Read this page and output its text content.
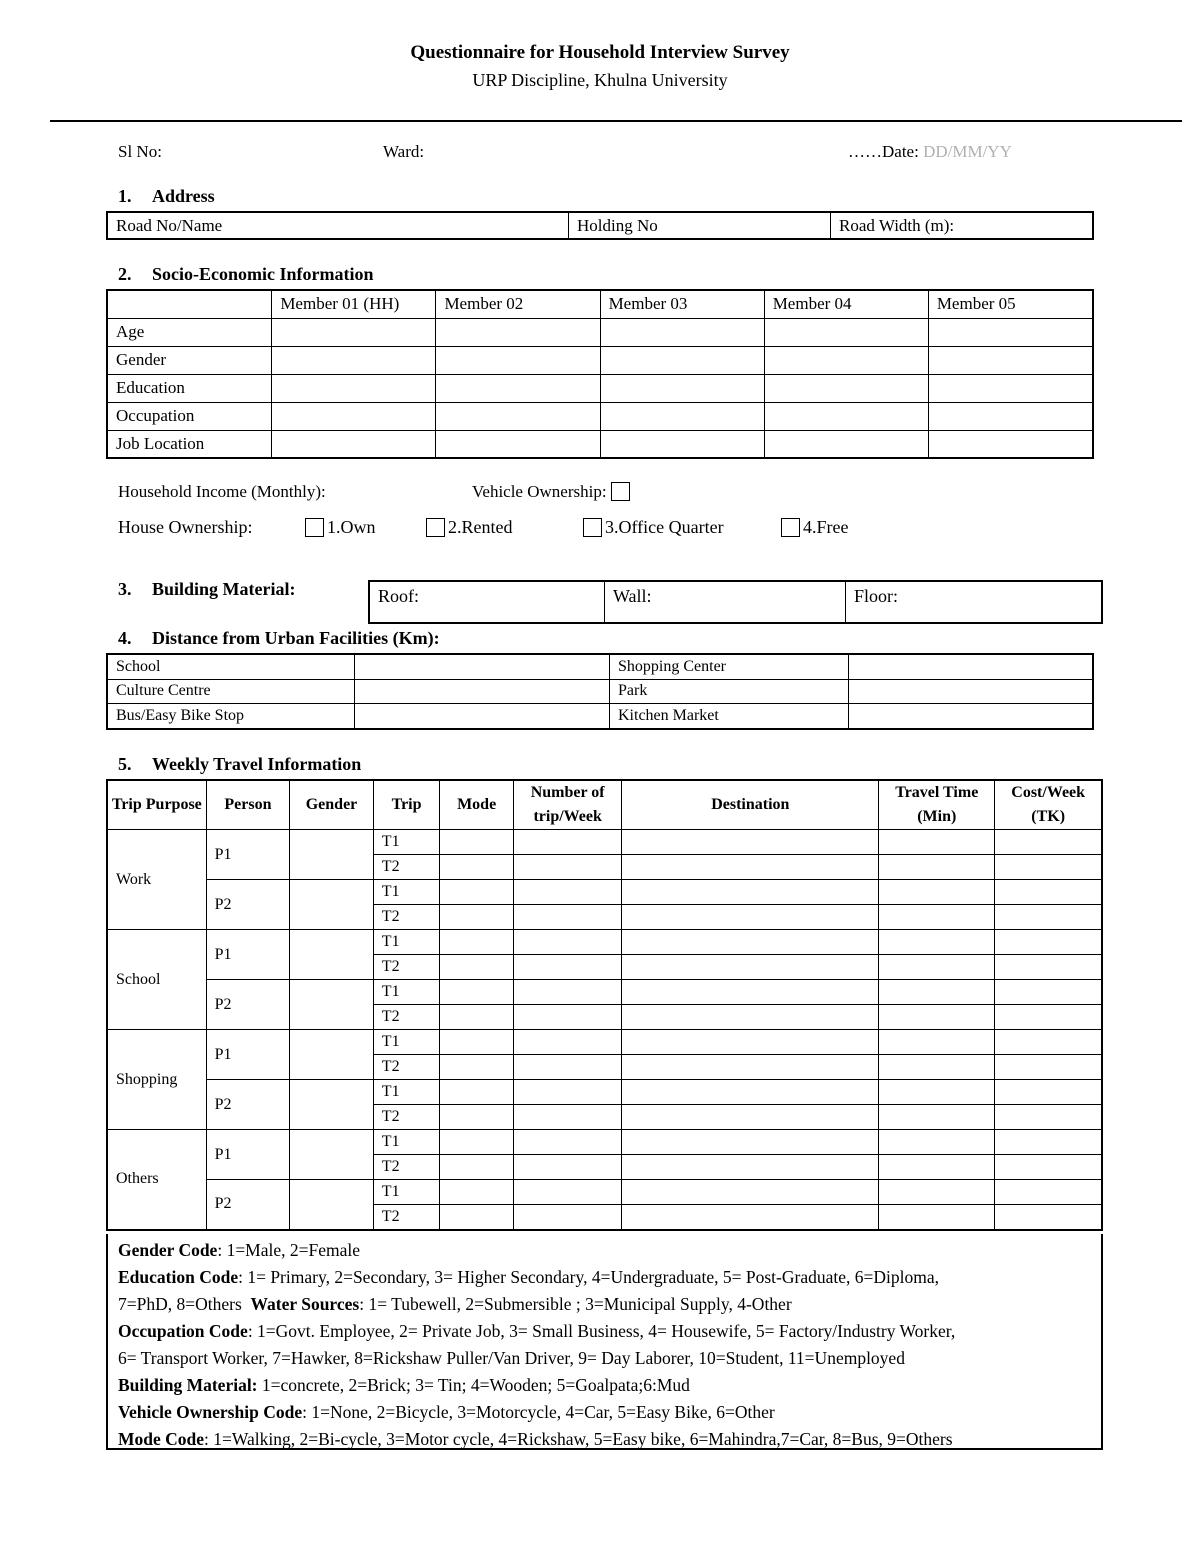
Questionnaire for Household Interview Survey
URP Discipline, Khulna University
Sl No:	Ward:	……Date: DD/MM/YY
1. Address
Road No/Name	Holding No	Road Width (m):
2. Socio-Economic Information
	Member 01 (HH)	Member 02	Member 03	Member 04	Member 05
Age					
Gender					
Education					
Occupation					
Job Location					
Household Income (Monthly):	Vehicle Ownership:
House Ownership:	1.Own	2.Rented	3.Office Quarter	4.Free
3. Building Material:	Roof:	Wall:	Floor:
4. Distance from Urban Facilities (Km):
School		Shopping Center	
Culture Centre		Park	
Bus/Easy Bike Stop		Kitchen Market	
5. Weekly Travel Information
Trip Purpose	Person	Gender	Trip	Mode	Number of trip/Week	Destination	Travel Time (Min)	Cost/Week (TK)
Work	P1		T1					
			T2					
	P2		T1					
			T2					
School	P1		T1					
			T2					
	P2		T1					
			T2					
Shopping	P1		T1					
			T2					
	P2		T1					
			T2					
Others	P1		T1					
			T2					
	P2		T1					
			T2					
Gender Code: 1=Male, 2=Female
Education Code: 1= Primary, 2=Secondary, 3= Higher Secondary, 4=Undergraduate, 5= Post-Graduate, 6=Diploma,
7=PhD, 8=Others Water Sources: 1= Tubewell, 2=Submersible ; 3=Municipal Supply, 4-Other
Occupation Code: 1=Govt. Employee, 2= Private Job, 3= Small Business, 4= Housewife, 5= Factory/Industry Worker,
6= Transport Worker, 7=Hawker, 8=Rickshaw Puller/Van Driver, 9= Day Laborer, 10=Student, 11=Unemployed
Building Material: 1=concrete, 2=Brick; 3= Tin; 4=Wooden; 5=Goalpata;6:Mud
Vehicle Ownership Code: 1=None, 2=Bicycle, 3=Motorcycle, 4=Car, 5=Easy Bike, 6=Other
Mode Code: 1=Walking, 2=Bi-cycle, 3=Motor cycle, 4=Rickshaw, 5=Easy bike, 6=Mahindra,7=Car, 8=Bus, 9=Others
